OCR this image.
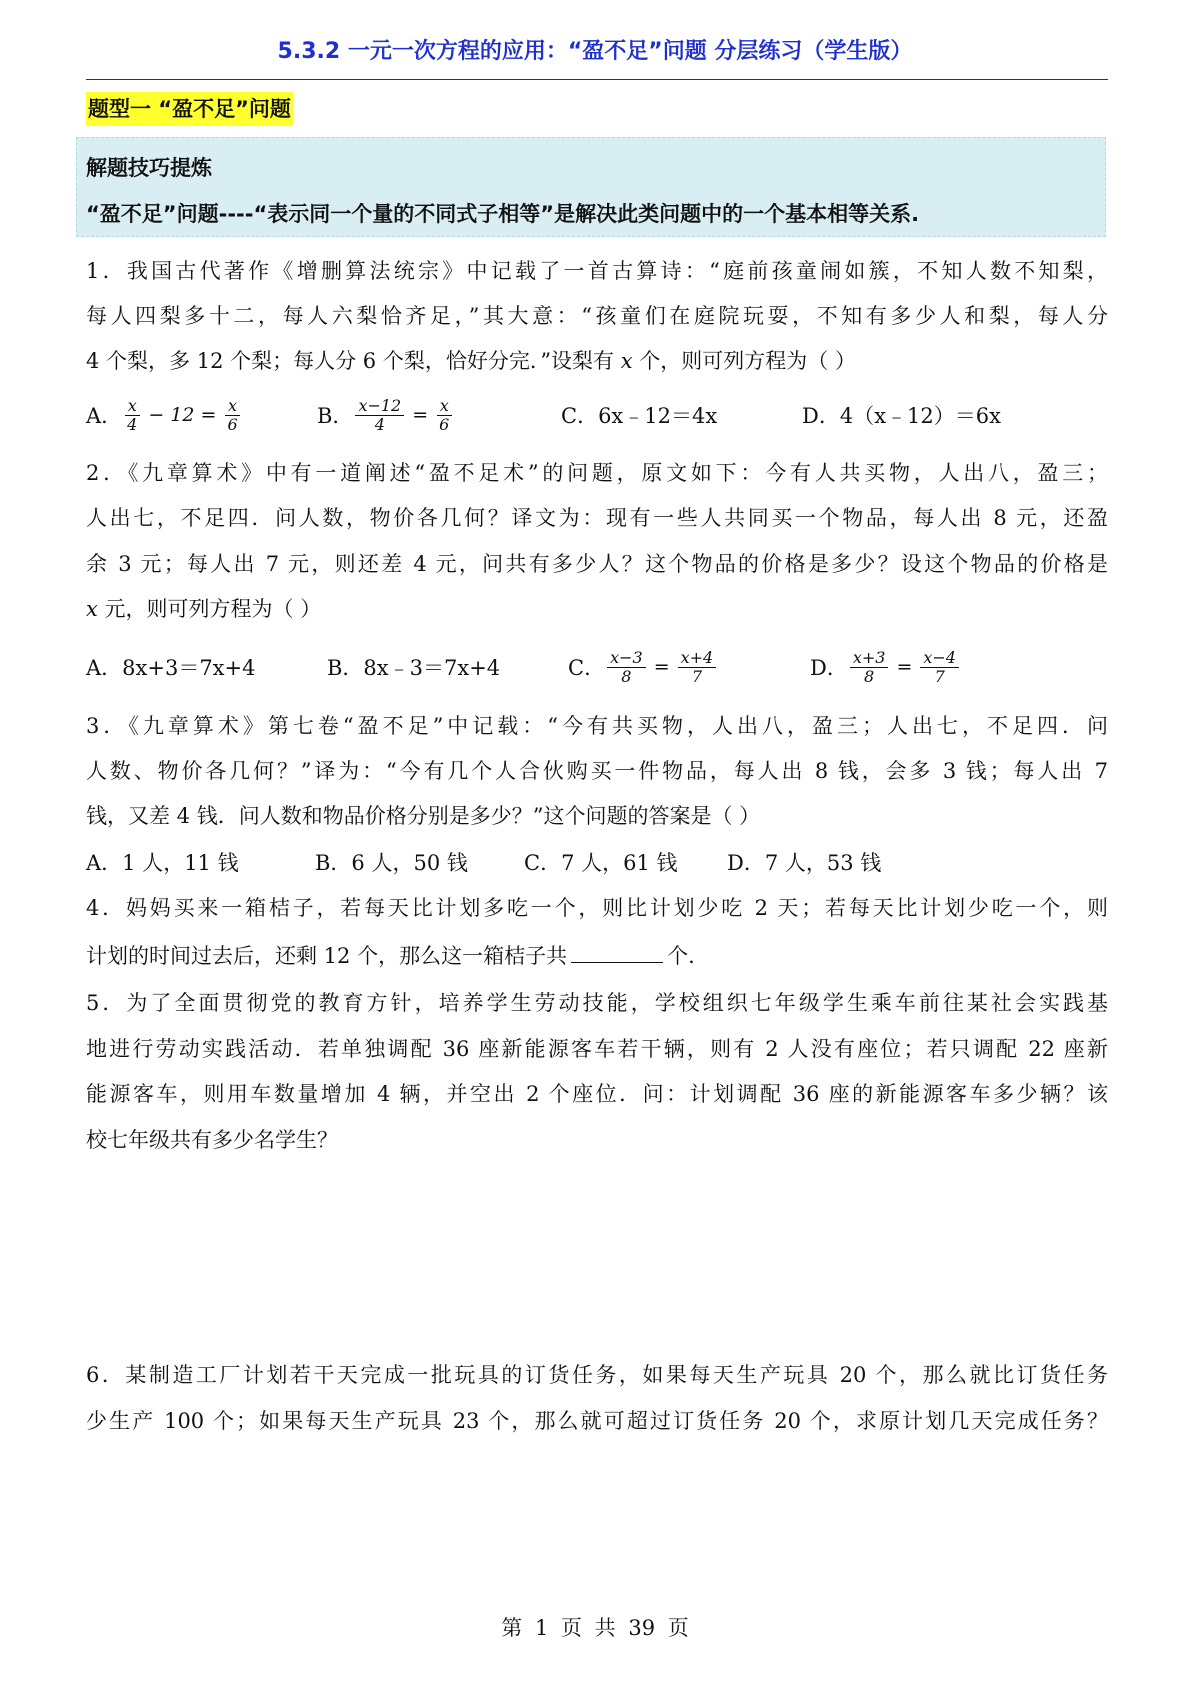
5.3.2 一元一次方程的应用：“盈不足”问题 分层练习（学生版）
题型一 “盈不足”问题
解题技巧提炼
“盈不足”问题----“表示同一个量的不同式子相等”是解决此类问题中的一个基本相等关系.
1．我国古代著作《增删算法统宗》中记载了一首古算诗：“庭前孩童闹如簇，不知人数不知梨，
每人四梨多十二，每人六梨恰齐足，”其大意：“孩童们在庭院玩耍，不知有多少人和梨，每人分
4 个梨，多 12 个梨；每人分 6 个梨，恰好分完．”设梨有 x 个，则可列方程为（ ）
A． $\frac{x}{4} - 12 = \frac{x}{6}$	B． $\frac{x-12}{4} = \frac{x}{6}$	C．6x﹣12＝4x	D．4（x﹣12）＝6x
2．《九章算术》中有一道阐述“盈不足术”的问题，原文如下：今有人共买物，人出八，盈三；
人出七，不足四．问人数，物价各几何？译文为：现有一些人共同买一个物品，每人出 8 元，还盈
余 3 元；每人出 7 元，则还差 4 元，问共有多少人？这个物品的价格是多少？设这个物品的价格是
x 元，则可列方程为（ ）
A．8x+3＝7x+4	B．8x﹣3＝7x+4	C． $\frac{x-3}{8} = \frac{x+4}{7}$	D． $\frac{x+3}{8} = \frac{x-4}{7}$
3．《九章算术》第七卷“盈不足”中记载：“今有共买物，人出八，盈三；人出七，不足四．问
人数、物价各几何？”译为：“今有几个人合伙购买一件物品，每人出 8 钱，会多 3 钱；每人出 7
钱，又差 4 钱．问人数和物品价格分别是多少？”这个问题的答案是（ ）
A．1 人，11 钱	B．6 人，50 钱	C．7 人，61 钱 D．7 人，53 钱
4．妈妈买来一箱桔子，若每天比计划多吃一个，则比计划少吃 2 天；若每天比计划少吃一个，则
计划的时间过去后，还剩 12 个，那么这一箱桔子共	个.
5．为了全面贯彻党的教育方针，培养学生劳动技能，学校组织七年级学生乘车前往某社会实践基
地进行劳动实践活动．若单独调配 36 座新能源客车若干辆，则有 2 人没有座位；若只调配 22 座新
能源客车，则用车数量增加 4 辆，并空出 2 个座位．问：计划调配 36 座的新能源客车多少辆？该
校七年级共有多少名学生？
6．某制造工厂计划若干天完成一批玩具的订货任务，如果每天生产玩具 20 个，那么就比订货任务
少生产 100 个；如果每天生产玩具 23 个，那么就可超过订货任务 20 个，求原计划几天完成任务？
第 1 页 共 39 页
